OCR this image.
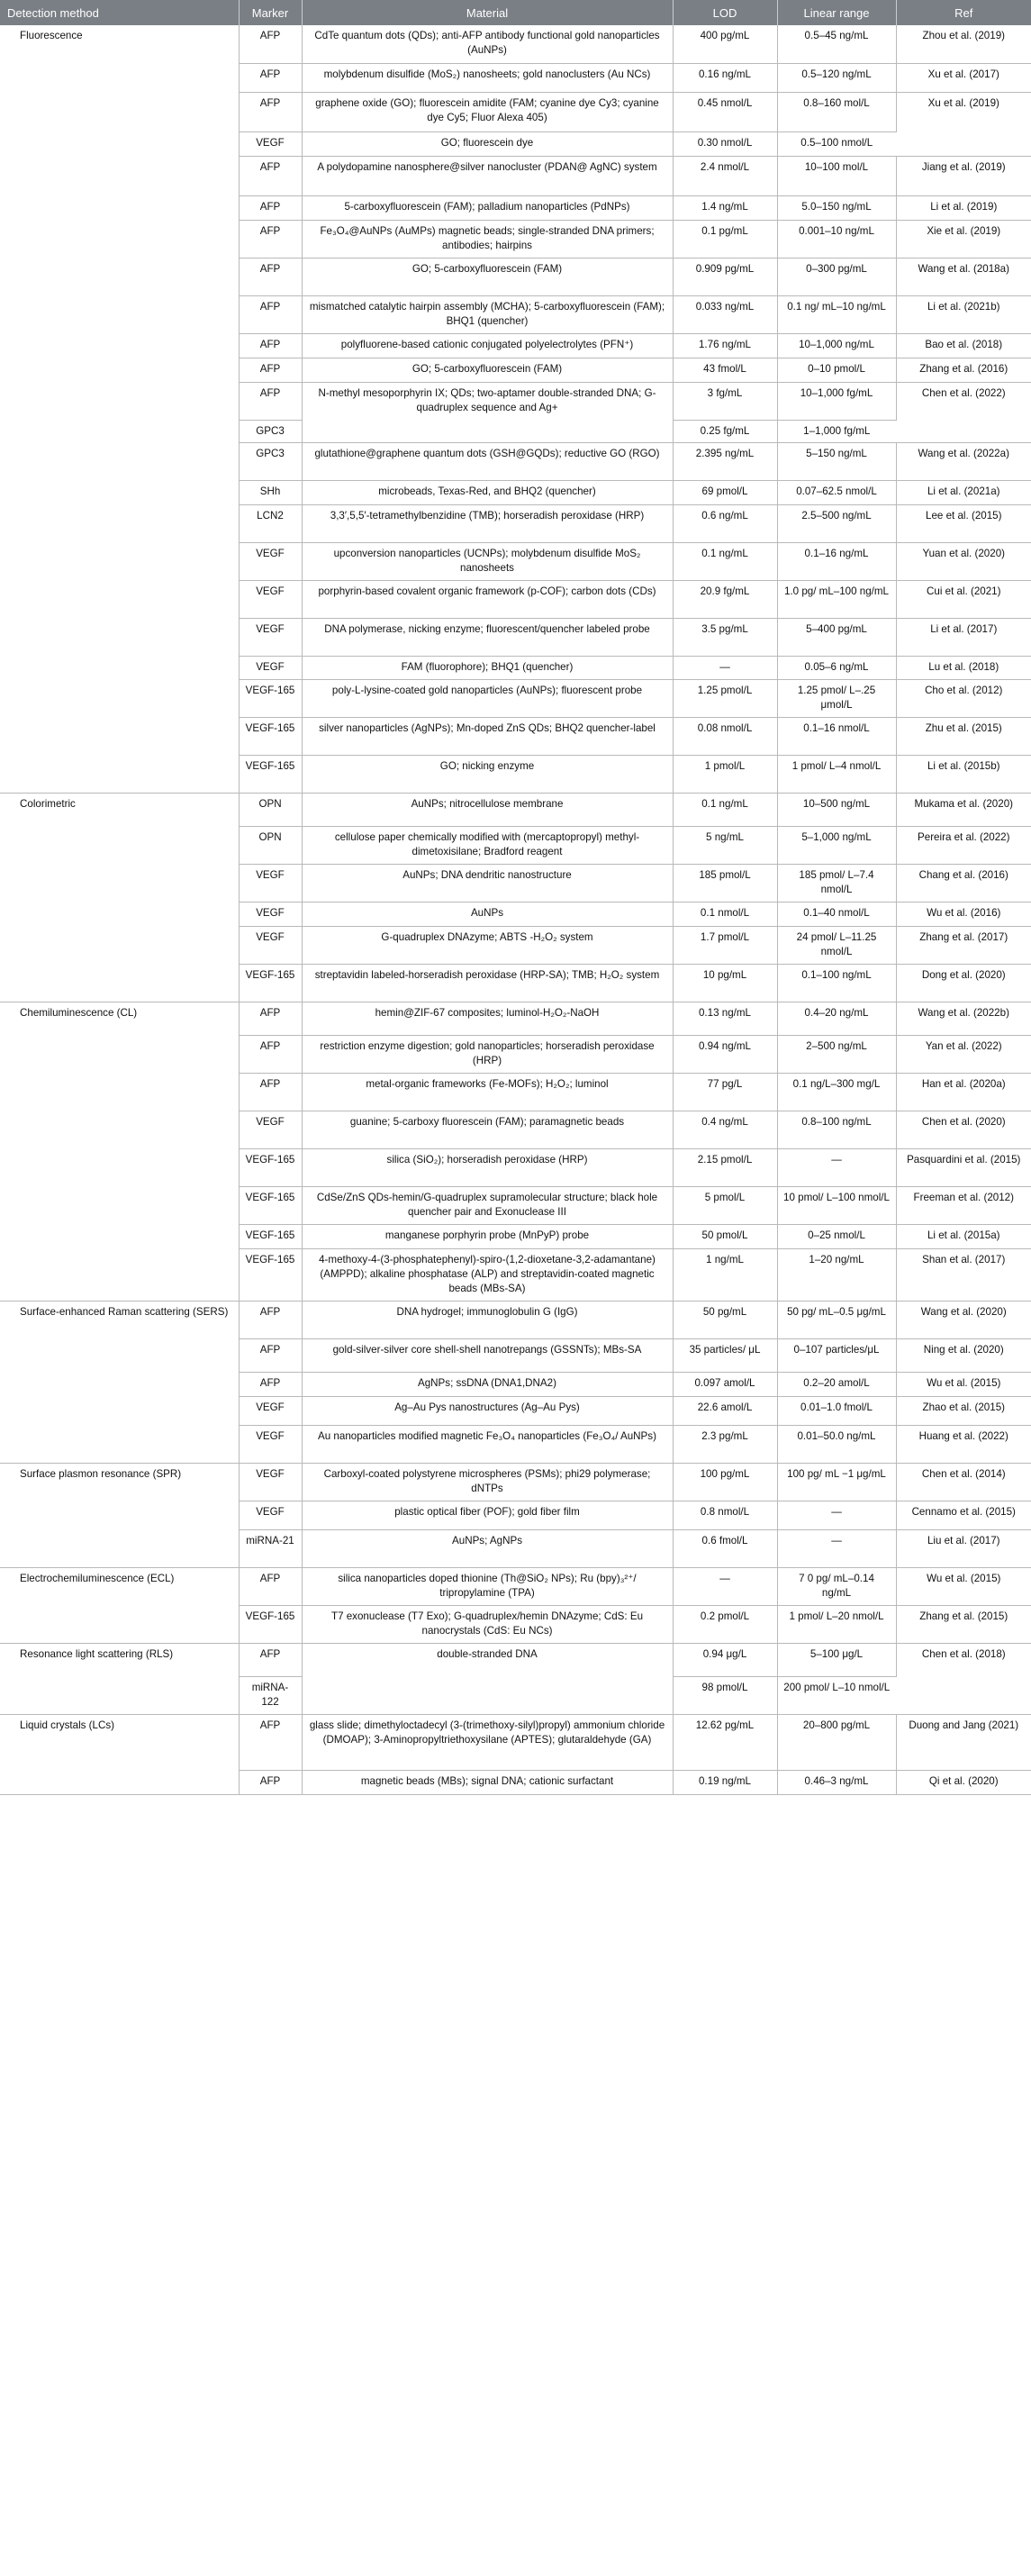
Detection method	Marker	Material	LOD	Linear range	Ref
Fluorescence	AFP	CdTe quantum dots (QDs); anti-AFP antibody functional gold nanoparticles (AuNPs)	400 pg/mL	0.5–45 ng/mL	Zhou et al. (2019)
	AFP	molybdenum disulfide (MoS₂) nanosheets; gold nanoclusters (Au NCs)	0.16 ng/mL	0.5–120 ng/mL	Xu et al. (2017)
	AFP	graphene oxide (GO); fluorescein amidite (FAM; cyanine dye Cy3; cyanine dye Cy5; Fluor Alexa 405)	0.45 nmol/L	0.8–160 mol/L	Xu et al. (2019)
	VEGF	GO; fluorescein dye	0.30 nmol/L	0.5–100 nmol/L	
	AFP	A polydopamine nanosphere@silver nanocluster (PDAN@ AgNC) system	2.4 nmol/L	10–100 mol/L	Jiang et al. (2019)
	AFP	5-carboxyfluorescein (FAM); palladium nanoparticles (PdNPs)	1.4 ng/mL	5.0–150 ng/mL	Li et al. (2019)
	AFP	Fe₃O₄@AuNPs (AuMPs) magnetic beads; single-stranded DNA primers; antibodies; hairpins	0.1 pg/mL	0.001–10 ng/mL	Xie et al. (2019)
	AFP	GO; 5-carboxyfluorescein (FAM)	0.909 pg/mL	0–300 pg/mL	Wang et al. (2018a)
	AFP	mismatched catalytic hairpin assembly (MCHA); 5-carboxyfluorescein (FAM); BHQ1 (quencher)	0.033 ng/mL	0.1 ng/ mL–10 ng/mL	Li et al. (2021b)
	AFP	polyfluorene-based cationic conjugated polyelectrolytes (PFN⁺)	1.76 ng/mL	10–1,000 ng/mL	Bao et al. (2018)
	AFP	GO; 5-carboxyfluorescein (FAM)	43 fmol/L	0–10 pmol/L	Zhang et al. (2016)
	AFP	N-methyl mesoporphyrin IX; QDs; two-aptamer double-stranded DNA; G-quadruplex sequence and Ag+	3 fg/mL	10–1,000 fg/mL	Chen et al. (2022)
	GPC3		0.25 fg/mL	1–1,000 fg/mL	
	GPC3	glutathione@graphene quantum dots (GSH@GQDs); reductive GO (RGO)	2.395 ng/mL	5–150 ng/mL	Wang et al. (2022a)
	SHh	microbeads, Texas-Red, and BHQ2 (quencher)	69 pmol/L	0.07–62.5 nmol/L	Li et al. (2021a)
	LCN2	3,3′,5,5′-tetramethylbenzidine (TMB); horseradish peroxidase (HRP)	0.6 ng/mL	2.5–500 ng/mL	Lee et al. (2015)
	VEGF	upconversion nanoparticles (UCNPs); molybdenum disulfide MoS₂ nanosheets	0.1 ng/mL	0.1–16 ng/mL	Yuan et al. (2020)
	VEGF	porphyrin-based covalent organic framework (p-COF); carbon dots (CDs)	20.9 fg/mL	1.0 pg/ mL–100 ng/mL	Cui et al. (2021)
	VEGF	DNA polymerase, nicking enzyme; fluorescent/quencher labeled probe	3.5 pg/mL	5–400 pg/mL	Li et al. (2017)
	VEGF	FAM (fluorophore); BHQ1 (quencher)	—	0.05–6 ng/mL	Lu et al. (2018)
	VEGF-165	poly-L-lysine-coated gold nanoparticles (AuNPs); fluorescent probe	1.25 pmol/L	1.25 pmol/ L–.25 μmol/L	Cho et al. (2012)
	VEGF-165	silver nanoparticles (AgNPs); Mn-doped ZnS QDs; BHQ2 quencher-label	0.08 nmol/L	0.1–16 nmol/L	Zhu et al. (2015)
	VEGF-165	GO; nicking enzyme	1 pmol/L	1 pmol/ L–4 nmol/L	Li et al. (2015b)
Colorimetric	OPN	AuNPs; nitrocellulose membrane	0.1 ng/mL	10–500 ng/mL	Mukama et al. (2020)
	OPN	cellulose paper chemically modified with (mercaptopropyl) methyl-dimetoxisilane; Bradford reagent	5 ng/mL	5–1,000 ng/mL	Pereira et al. (2022)
	VEGF	AuNPs; DNA dendritic nanostructure	185 pmol/L	185 pmol/ L–7.4 nmol/L	Chang et al. (2016)
	VEGF	AuNPs	0.1 nmol/L	0.1–40 nmol/L	Wu et al. (2016)
	VEGF	G-quadruplex DNAzyme; ABTS -H₂O₂ system	1.7 pmol/L	24 pmol/ L–11.25 nmol/L	Zhang et al. (2017)
	VEGF-165	streptavidin labeled-horseradish peroxidase (HRP-SA); TMB; H₂O₂ system	10 pg/mL	0.1–100 ng/mL	Dong et al. (2020)
Chemiluminescence (CL)	AFP	hemin@ZIF-67 composites; luminol-H₂O₂-NaOH	0.13 ng/mL	0.4–20 ng/mL	Wang et al. (2022b)
	AFP	restriction enzyme digestion; gold nanoparticles; horseradish peroxidase (HRP)	0.94 ng/mL	2–500 ng/mL	Yan et al. (2022)
	AFP	metal-organic frameworks (Fe-MOFs); H₂O₂; luminol	77 pg/L	0.1 ng/L–300 mg/L	Han et al. (2020a)
	VEGF	guanine; 5-carboxy fluorescein (FAM); paramagnetic beads	0.4 ng/mL	0.8–100 ng/mL	Chen et al. (2020)
	VEGF-165	silica (SiO₂); horseradish peroxidase (HRP)	2.15 pmol/L	—	Pasquardini et al. (2015)
	VEGF-165	CdSe/ZnS QDs-hemin/G-quadruplex supramolecular structure; black hole quencher pair and Exonuclease III	5 pmol/L	10 pmol/ L–100 nmol/L	Freeman et al. (2012)
	VEGF-165	manganese porphyrin probe (MnPyP) probe	50 pmol/L	0–25 nmol/L	Li et al. (2015a)
	VEGF-165	4-methoxy-4-(3-phosphatephenyl)-spiro-(1,2-dioxetane-3,2-adamantane) (AMPPD); alkaline phosphatase (ALP) and streptavidin-coated magnetic beads (MBs-SA)	1 ng/mL	1–20 ng/mL	Shan et al. (2017)
Surface-enhanced Raman scattering (SERS)	AFP	DNA hydrogel; immunoglobulin G (IgG)	50 pg/mL	50 pg/ mL–0.5 μg/mL	Wang et al. (2020)
	AFP	gold-silver-silver core shell-shell nanotrepangs (GSSNTs); MBs-SA	35 particles/ μL	0–107 particles/μL	Ning et al. (2020)
	AFP	AgNPs; ssDNA (DNA1,DNA2)	0.097 amol/L	0.2–20 amol/L	Wu et al. (2015)
	VEGF	Ag–Au Pys nanostructures (Ag–Au Pys)	22.6 amol/L	0.01–1.0 fmol/L	Zhao et al. (2015)
	VEGF	Au nanoparticles modified magnetic Fe₃O₄ nanoparticles (Fe₃O₄/ AuNPs)	2.3 pg/mL	0.01–50.0 ng/mL	Huang et al. (2022)
Surface plasmon resonance (SPR)	VEGF	Carboxyl-coated polystyrene microspheres (PSMs); phi29 polymerase; dNTPs	100 pg/mL	100 pg/ mL −1 μg/mL	Chen et al. (2014)
	VEGF	plastic optical fiber (POF); gold fiber film	0.8 nmol/L	—	Cennamo et al. (2015)
	miRNA-21	AuNPs; AgNPs	0.6 fmol/L	—	Liu et al. (2017)
Electrochemiluminescence (ECL)	AFP	silica nanoparticles doped thionine (Th@SiO₂ NPs); Ru (bpy)₃²⁺/ tripropylamine (TPA)	—	7 0 pg/ mL–0.14 ng/mL	Wu et al. (2015)
	VEGF-165	T7 exonuclease (T7 Exo); G-quadruplex/hemin DNAzyme; CdS: Eu nanocrystals (CdS: Eu NCs)	0.2 pmol/L	1 pmol/ L–20 nmol/L	Zhang et al. (2015)
Resonance light scattering (RLS)	AFP	double-stranded DNA	0.94 μg/L	5–100 μg/L	Chen et al. (2018)
	miRNA-122		98 pmol/L	200 pmol/ L–10 nmol/L	
Liquid crystals (LCs)	AFP	glass slide; dimethyloctadecyl (3-(trimethoxy-silyl)propyl) ammonium chloride (DMOAP); 3-Aminopropyltriethoxysilane (APTES); glutaraldehyde (GA)	12.62 pg/mL	20–800 pg/mL	Duong and Jang (2021)
	AFP	magnetic beads (MBs); signal DNA; cationic surfactant	0.19 ng/mL	0.46–3 ng/mL	Qi et al. (2020)
